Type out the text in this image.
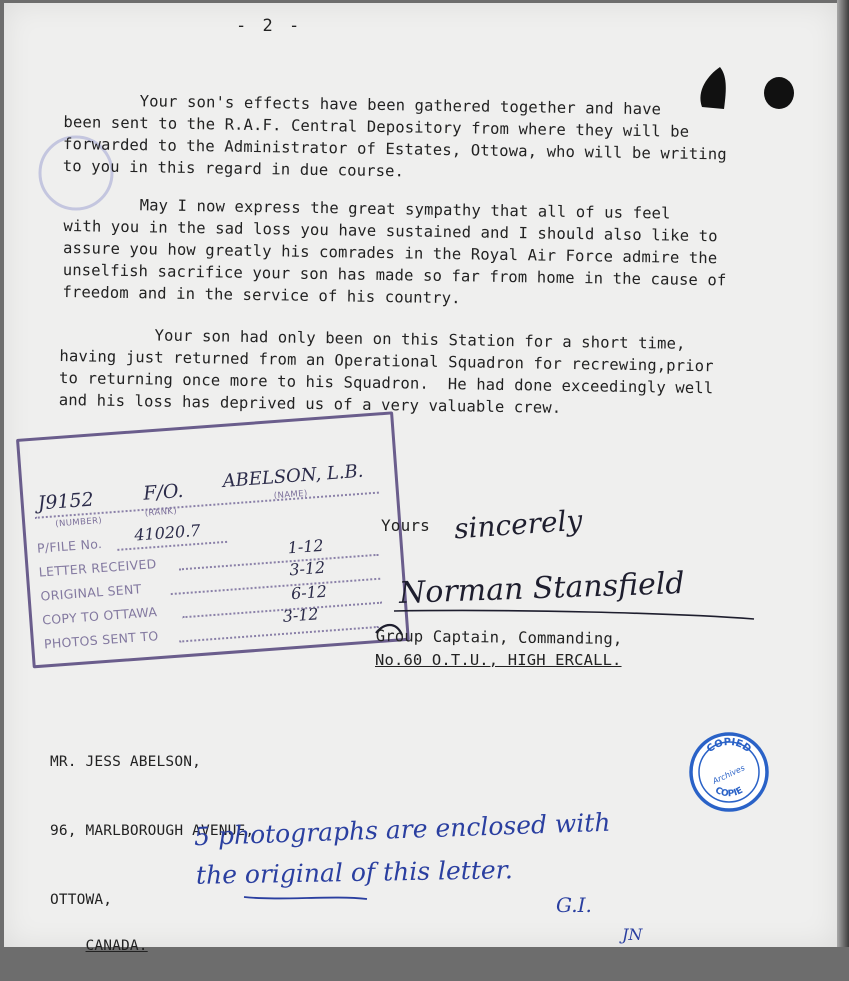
- 2 -

Your son's effects have been gathered together and have
been sent to the R.A.F. Central Depository from where they will be
forwarded to the Administrator of Estates, Ottowa, who will be writing
to you in this regard in due course.

May I now express the great sympathy that all of us feel
with you in the sad loss you have sustained and I should also like to
assure you how greatly his comrades in the Royal Air Force admire the
unselfish sacrifice your son has made so far from home in the cause of
freedom and in the service of his country.

Your son had only been on this Station for a short time,
having just returned from an Operational Squadron for recrewing,prior
to returning once more to his Squadron.  He had done exceedingly well
and his loss has deprived us of a very valuable crew.

J9152	F/O.
ABELSON, L.B.
(NUMBER)
(RANK)
(NAME)
P/FILE No.
41020.7
LETTER RECEIVED
1-12
ORIGINAL SENT
3-12
COPY TO OTTAWA
6-12
PHOTOS SENT TO
3-12

Yours sincerely
Norman Stansfield

Group Captain, Commanding,

No.60 O.T.U., HIGH ERCALL.

MR. JESS ABELSON,

96, MARLBOROUGH AVENUE,

OTTOWA,

CANADA.

COPIED
Archives
COPIE
5 photographs are enclosed with
the original of this letter.
G.I.
JN
